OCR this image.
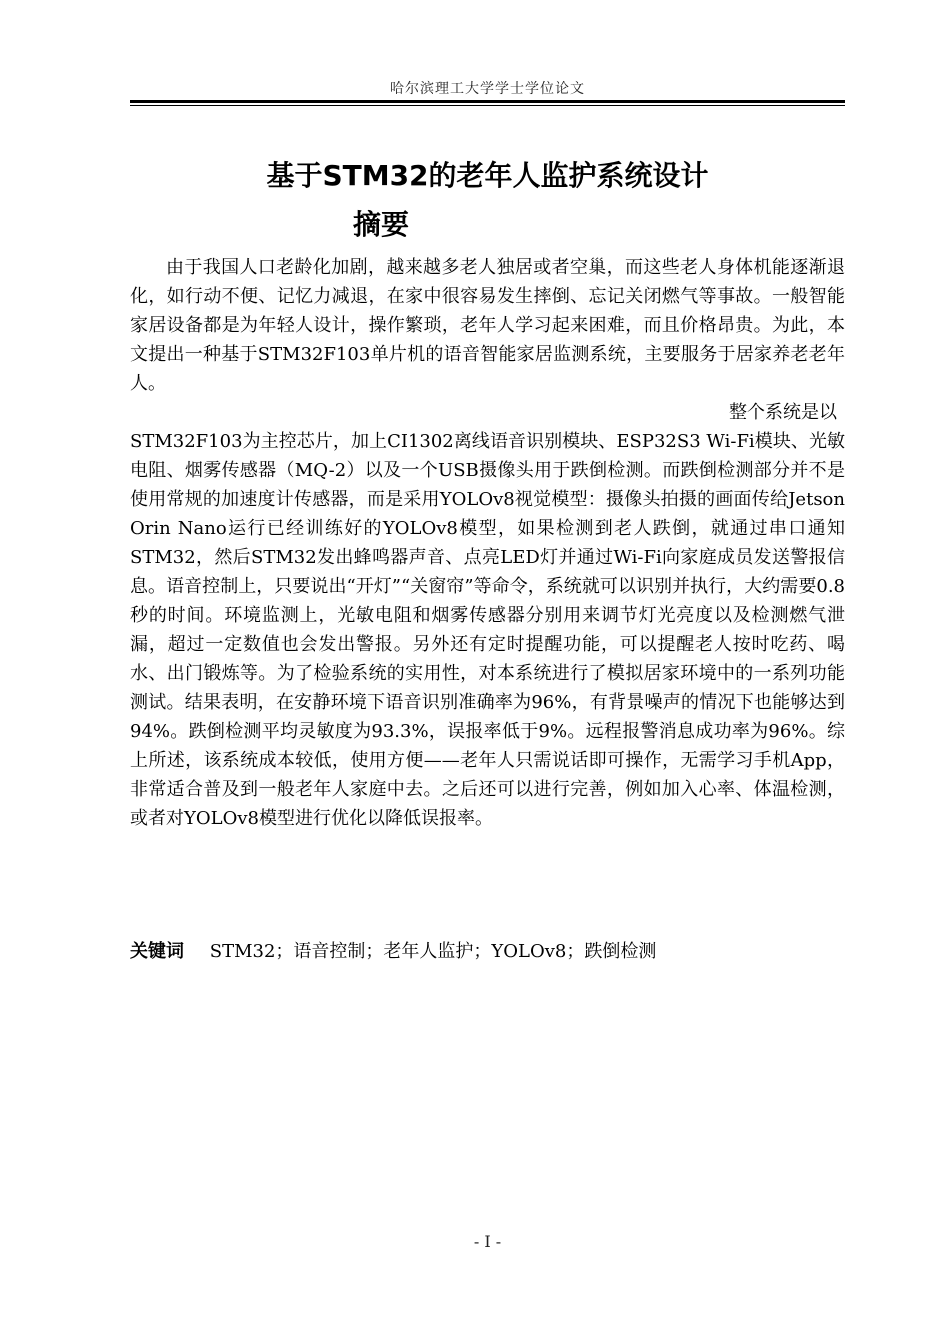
哈尔滨理工大学学士学位论文
基于STM32的老年人监护系统设计
摘要

由于我国人口老龄化加剧，越来越多老人独居或者空巢，而这些老人身体机能逐渐退化，如行动不便、记忆力减退，在家中很容易发生摔倒、忘记关闭燃气等事故。一般智能家居设备都是为年轻人设计，操作繁琐，老年人学习起来困难，而且价格昂贵。为此，本文提出一种基于STM32F103单片机的语音智能家居监测系统，主要服务于居家养老老年人。

整个系统是以
STM32F103为主控芯片，加上CI1302离线语音识别模块、ESP32S3 Wi-Fi模块、光敏电阻、烟雾传感器（MQ-2）以及一个USB摄像头用于跌倒检测。而跌倒检测部分并不是使用常规的加速度计传感器，而是采用YOLOv8视觉模型：摄像头拍摄的画面传给Jetson Orin Nano运行已经训练好的YOLOv8模型，如果检测到老人跌倒，就通过串口通知STM32，然后STM32发出蜂鸣器声音、点亮LED灯并通过Wi-Fi向家庭成员发送警报信息。语音控制上，只要说出“开灯”“关窗帘”等命令，系统就可以识别并执行，大约需要0.8秒的时间。环境监测上，光敏电阻和烟雾传感器分别用来调节灯光亮度以及检测燃气泄漏，超过一定数值也会发出警报。另外还有定时提醒功能，可以提醒老人按时吃药、喝水、出门锻炼等。为了检验系统的实用性，对本系统进行了模拟居家环境中的一系列功能测试。结果表明，在安静环境下语音识别准确率为96%，有背景噪声的情况下也能够达到94%。跌倒检测平均灵敏度为93.3%，误报率低于9%。远程报警消息成功率为96%。综上所述，该系统成本较低，使用方便——老年人只需说话即可操作，无需学习手机App，非常适合普及到一般老年人家庭中去。之后还可以进行完善，例如加入心率、体温检测，或者对YOLOv8模型进行优化以降低误报率。

关键词 STM32；语音控制；老年人监护；YOLOv8；跌倒检测
- I -
